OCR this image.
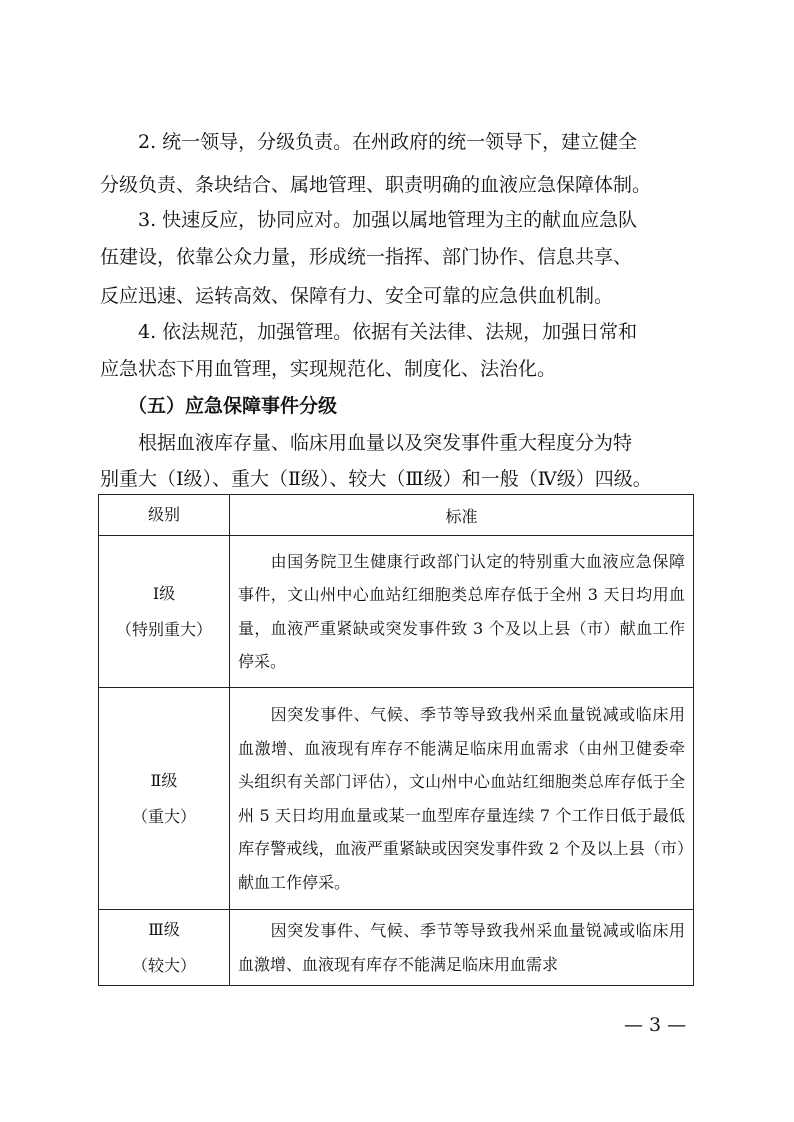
2. 统一领导，分级负责。在州政府的统一领导下，建立健全
分级负责、条块结合、属地管理、职责明确的血液应急保障体制。
3. 快速反应，协同应对。加强以属地管理为主的献血应急队
伍建设，依靠公众力量，形成统一指挥、部门协作、信息共享、
反应迅速、运转高效、保障有力、安全可靠的应急供血机制。
4. 依法规范，加强管理。依据有关法律、法规，加强日常和
应急状态下用血管理，实现规范化、制度化、法治化。
（五）应急保障事件分级
根据血液库存量、临床用血量以及突发事件重大程度分为特
别重大（Ⅰ级）、重大（Ⅱ级）、较大（Ⅲ级）和一般（Ⅳ级）四级。
级别	标准

Ⅰ级
（特别重大）	由国务院卫生健康行政部门认定的特别重大血液应急保障事件，文山州中心血站红细胞类总库存低于全州 3 天日均用血量，血液严重紧缺或突发事件致 3 个及以上县（市）献血工作停采。

Ⅱ级
（重大）	因突发事件、气候、季节等导致我州采血量锐减或临床用血激增、血液现有库存不能满足临床用血需求（由州卫健委牵头组织有关部门评估），文山州中心血站红细胞类总库存低于全州 5 天日均用血量或某一血型库存量连续 7 个工作日低于最低库存警戒线，血液严重紧缺或因突发事件致 2 个及以上县（市）献血工作停采。

Ⅲ级
（较大）	因突发事件、气候、季节等导致我州采血量锐减或临床用血激增、血液现有库存不能满足临床用血需求
— 3 —
